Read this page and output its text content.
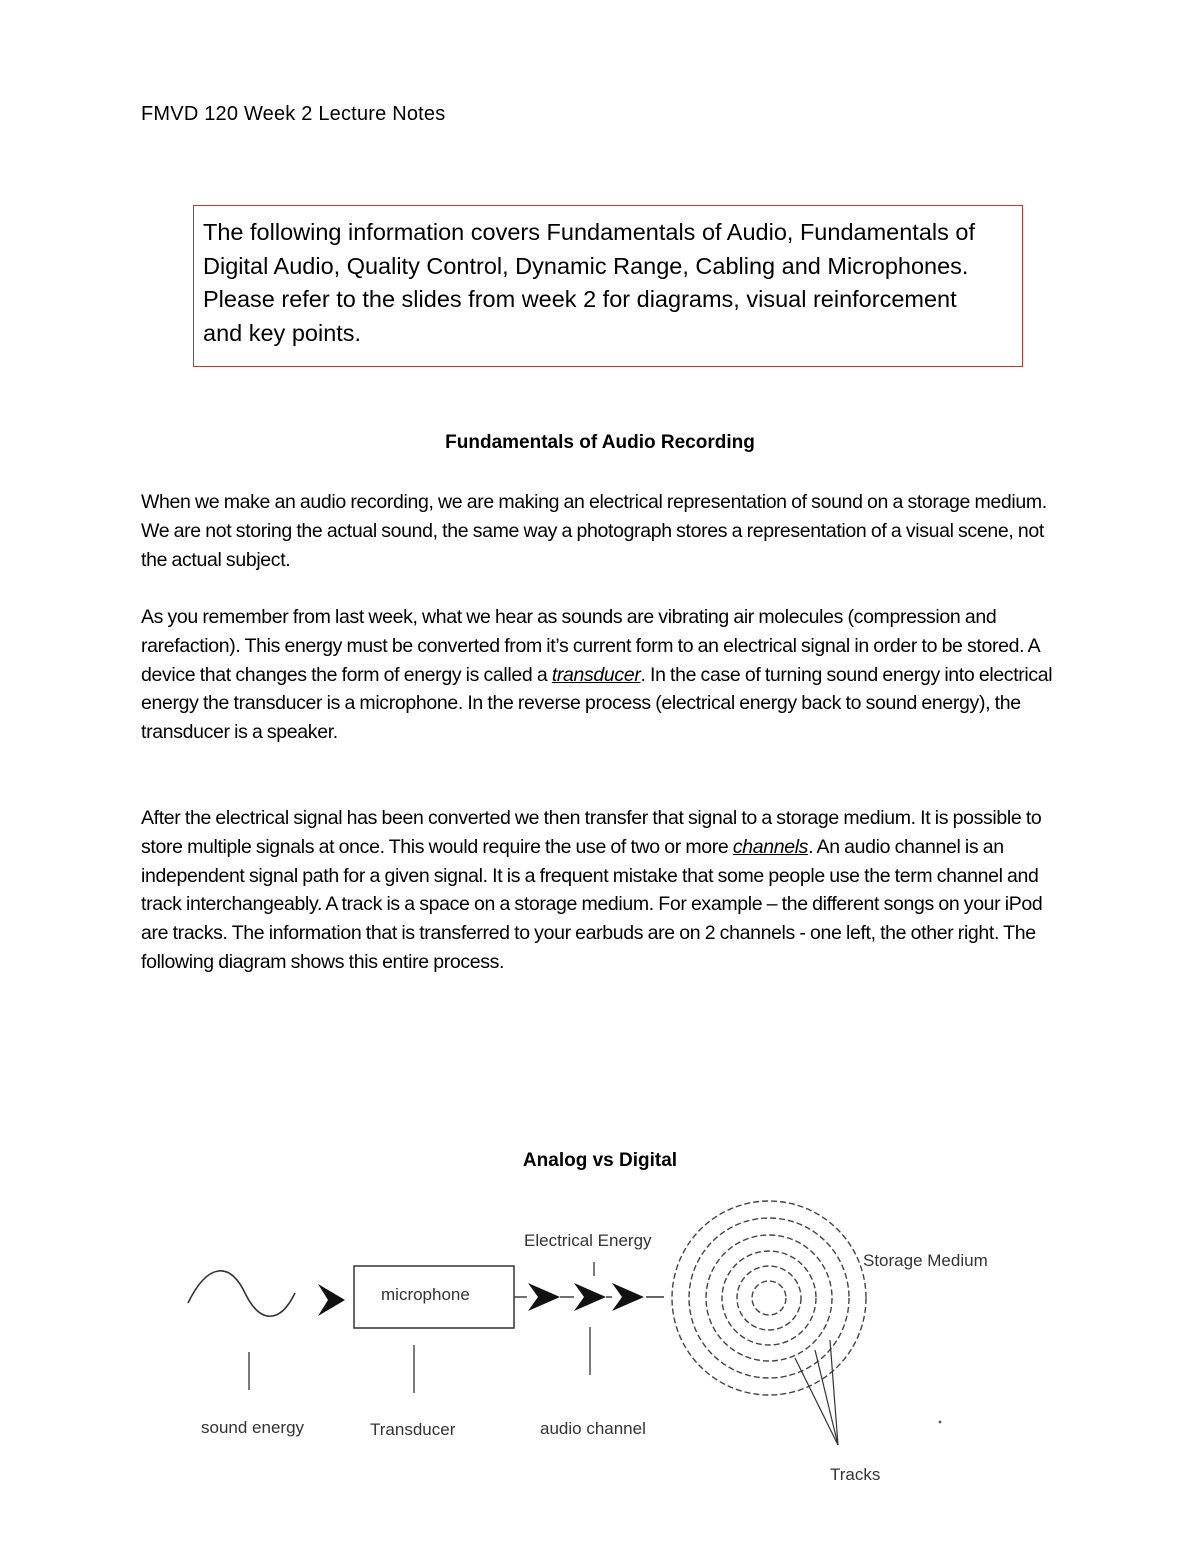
FMVD 120 Week 2 Lecture Notes
The following information covers Fundamentals of Audio, Fundamentals of Digital Audio, Quality Control, Dynamic Range, Cabling and Microphones. Please refer to the slides from week 2 for diagrams, visual reinforcement and key points.
Fundamentals of Audio Recording
When we make an audio recording, we are making an electrical representation of sound on a storage medium. We are not storing the actual sound, the same way a photograph stores a representation of a visual scene, not the actual subject.
As you remember from last week, what we hear as sounds are vibrating air molecules (compression and rarefaction). This energy must be converted from it’s current form to an electrical signal in order to be stored. A device that changes the form of energy is called a transducer. In the case of turning sound energy into electrical energy the transducer is a microphone. In the reverse process (electrical energy back to sound energy), the transducer is a speaker.
After the electrical signal has been converted we then transfer that signal to a storage medium. It is possible to store multiple signals at once. This would require the use of two or more channels. An audio channel is an independent signal path for a given signal. It is a frequent mistake that some people use the term channel and track interchangeably. A track is a space on a storage medium. For example – the different songs on your iPod are tracks. The information that is transferred to your earbuds are on 2 channels - one left, the other right. The following diagram shows this entire process.
Analog vs Digital
microphone
Electrical Energy
Storage Medium
sound energy	Transducer	audio channel
Tracks
